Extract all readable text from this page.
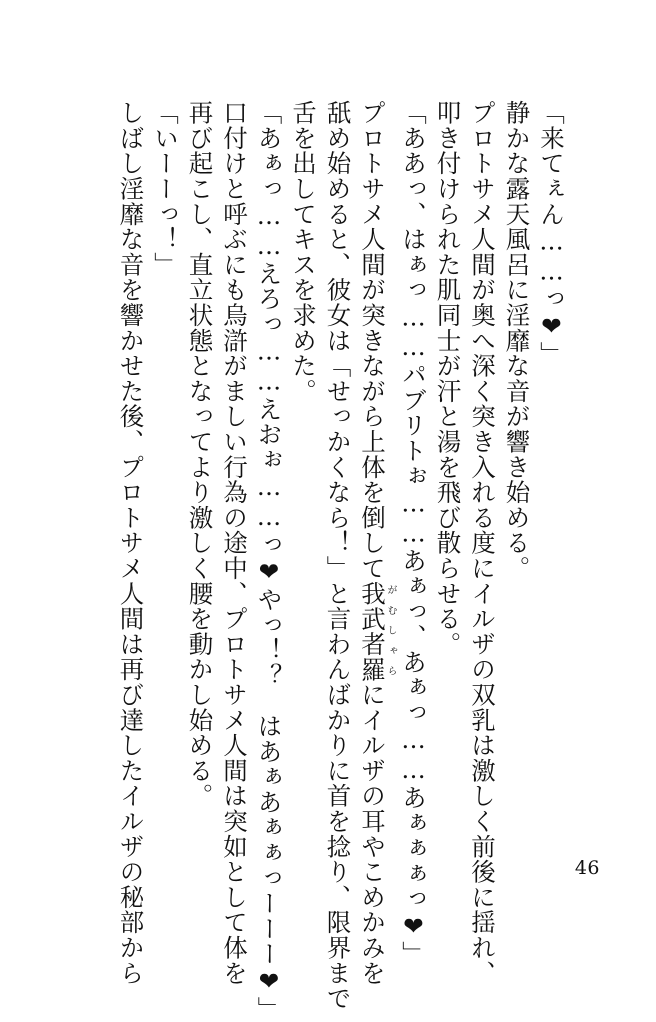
「来てぇん……っ❤」
静かな露天風呂に淫靡な音が響き始める。
プロトサメ人間が奥へ深く突き入れる度にイルザの双乳は激しく前後に揺れ、
叩き付けられた肌同士が汗と湯を飛び散らせる。
「ああっ、はぁっ……パブリトぉ……あぁっ、あぁっ……あぁぁぁっ❤」
プロトサメ人間が突きながら上体を倒して我武者羅がむしゃらにイルザの耳やこめかみを
舐め始めると、彼女は「せっかくなら！」と言わんばかりに首を捻り、限界まで
舌を出してキスを求めた。
「あぁっ……えろっ……えおぉ……っ❤やっ！？　はあぁあぁぁっーーー❤」
口付けと呼ぶにも烏滸がましい行為の途中、プロトサメ人間は突如として体を
再び起こし、直立状態となってより激しく腰を動かし始める。
「いーーっ！」
しばし淫靡な音を響かせた後、プロトサメ人間は再び達したイルザの秘部から	46
